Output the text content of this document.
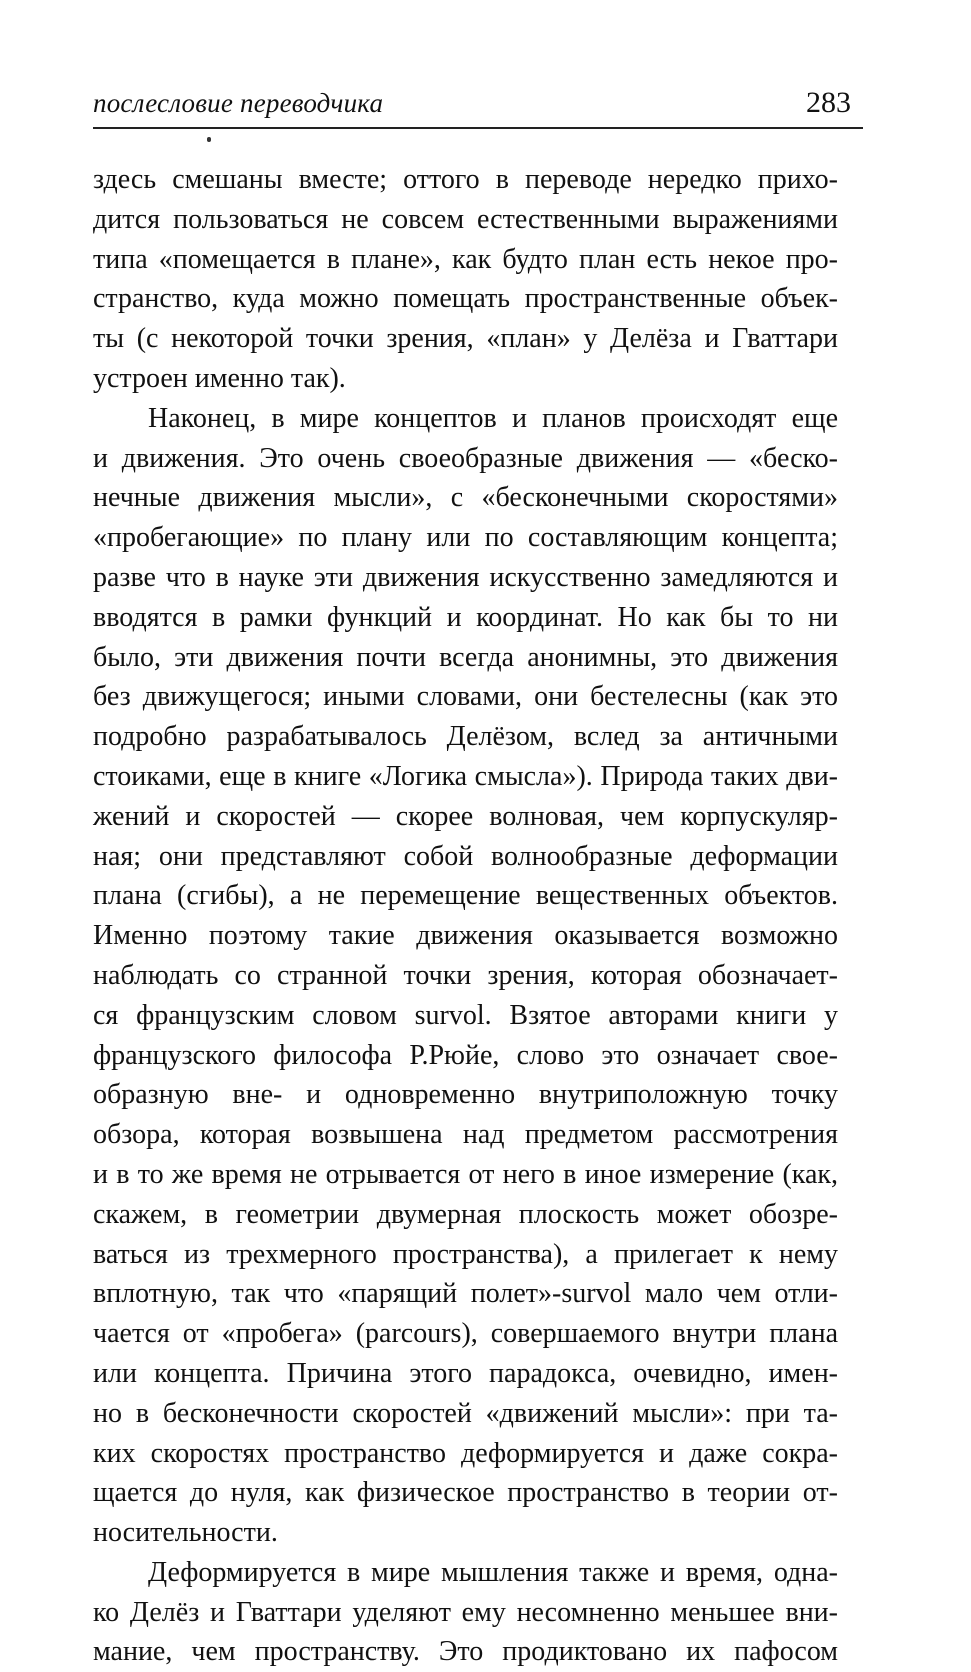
послесловие переводчика	283
здесь смешаны вместе; оттого в переводе нередко прихо-
дится пользоваться не совсем естественными выражениями
типа «помещается в плане», как будто план есть некое про-
странство, куда можно помещать пространственные объек-
ты (с некоторой точки зрения, «план» у Делёза и Гваттари
устроен именно так).
Наконец, в мире концептов и планов происходят еще
и движения. Это очень своеобразные движения — «беско-
нечные движения мысли», с «бесконечными скоростями»
«пробегающие» по плану или по составляющим концепта;
разве что в науке эти движения искусственно замедляются и
вводятся в рамки функций и координат. Но как бы то ни
было, эти движения почти всегда анонимны, это движения
без движущегося; иными словами, они бестелесны (как это
подробно разрабатывалось Делёзом, вслед за античными
стоиками, еще в книге «Логика смысла»). Природа таких дви-
жений и скоростей — скорее волновая, чем корпускуляр-
ная; они представляют собой волнообразные деформации
плана (сгибы), а не перемещение вещественных объектов.
Именно поэтому такие движения оказывается возможно
наблюдать со странной точки зрения, которая обозначает-
ся французским словом survol. Взятое авторами книги у
французского философа Р.Рюйе, слово это означает свое-
образную вне- и одновременно внутриположную точку
обзора, которая возвышена над предметом рассмотрения
и в то же время не отрывается от него в иное измерение (как,
скажем, в геометрии двумерная плоскость может обозре-
ваться из трехмерного пространства), а прилегает к нему
вплотную, так что «парящий полет»-survol мало чем отли-
чается от «пробега» (parcours), совершаемого внутри плана
или концепта. Причина этого парадокса, очевидно, имен-
но в бесконечности скоростей «движений мысли»: при та-
ких скоростях пространство деформируется и даже сокра-
щается до нуля, как физическое пространство в теории от-
носительности.
Деформируется в мире мышления также и время, одна-
ко Делёз и Гваттари уделяют ему несомненно меньшее вни-
мание, чем пространству. Это продиктовано их пафосом
